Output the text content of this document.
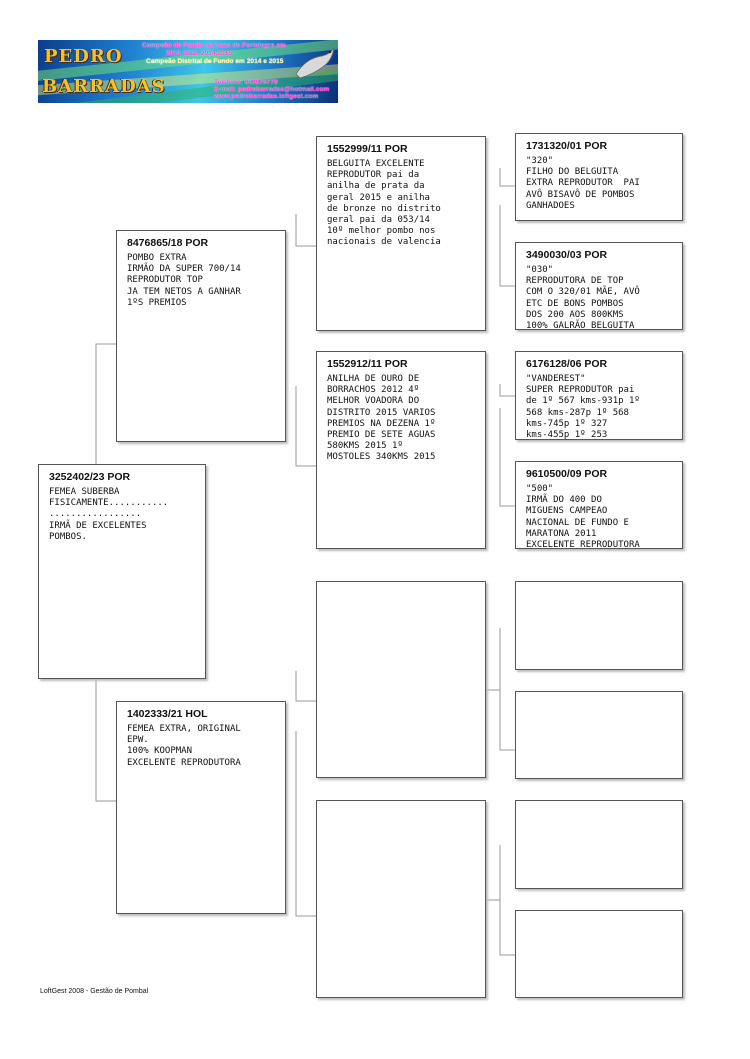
PEDRO
BARRADAS
Campeão de Fundo no Asas de Portalegre em
2010,2012, 2014,2015
Campeão Distrital de Fundo em 2014 e 2015
Telefone: 963670779
E-mail: pedrobarradas@hotmail.com
www.pedrobarradas.loftgest.com
3252402/23 POR
FEMEA SUBERBA
FISICAMENTE...........
.................
IRMÃ DE EXCELENTES
POMBOS.
8476865/18 POR
POMBO EXTRA
IRMÃO DA SUPER 700/14
REPRODUTOR TOP
JA TEM NETOS A GANHAR
1ºS PREMIOS
1402333/21 HOL
FEMEA EXTRA, ORIGINAL
EPW.
100% KOOPMAN
EXCELENTE REPRODUTORA
1552999/11 POR
BELGUITA EXCELENTE
REPRODUTOR pai da
anilha de prata da
geral 2015 e anilha
de bronze no distrito
geral pai da 053/14
10º melhor pombo nos
nacionais de valencia
1552912/11 POR
ANILHA DE OURO DE
BORRACHOS 2012 4º
MELHOR VOADORA DO
DISTRITO 2015 VARIOS
PREMIOS NA DEZENA 1º
PREMIO DE SETE AGUAS
580KMS 2015 1º
MOSTOLES 340KMS 2015
1731320/01 POR
"320"
FILHO DO BELGUITA
EXTRA REPRODUTOR  PAI
AVÔ BISAVÔ DE POMBOS
GANHADOES
3490030/03 POR
"030"
REPRODUTORA DE TOP
COM O 320/01 MÃE, AVÔ
ETC DE BONS POMBOS
DOS 200 AOS 800KMS
100% GALRÃO BELGUITA
6176128/06 POR
"VANDEREST"
SUPER REPRODUTOR pai
de 1º 567 kms-931p 1º
568 kms-287p 1º 568
kms-745p 1º 327
kms-455p 1º 253
9610500/09 POR
"500"
IRMÃ DO 400 DO
MIGUENS CAMPEAO
NACIONAL DE FUNDO E
MARATONA 2011
EXCELENTE REPRODUTORA
LoftGest 2008 - Gestão de Pombal
